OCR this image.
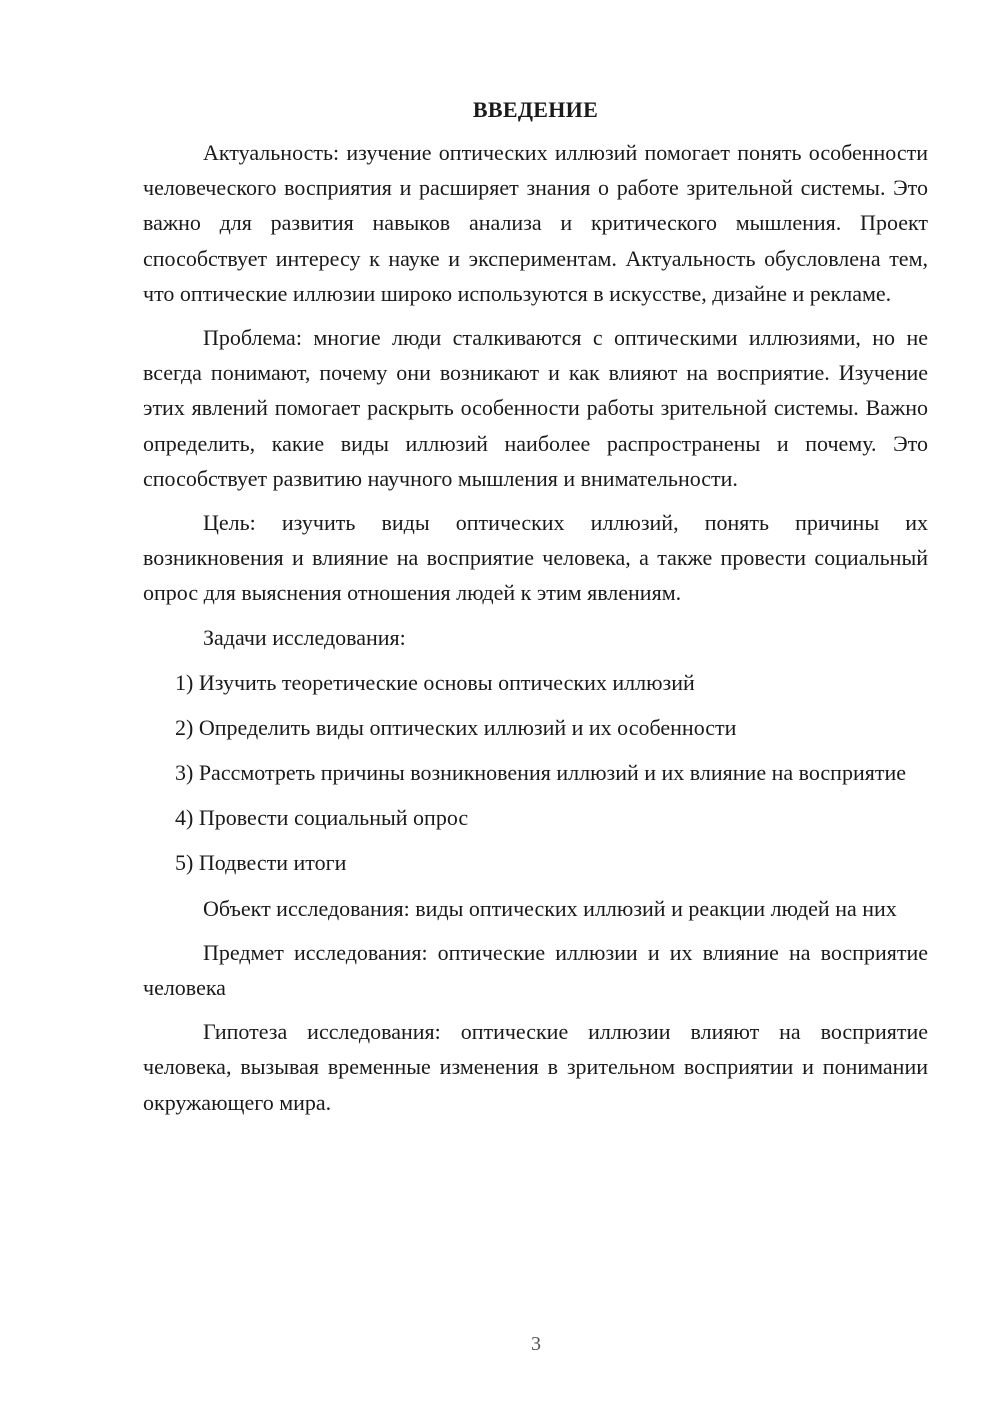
ВВЕДЕНИЕ

Актуальность: изучение оптических иллюзий помогает понять особенности человеческого восприятия и расширяет знания о работе зрительной системы. Это важно для развития навыков анализа и критического мышления. Проект способствует интересу к науке и экспериментам. Актуальность обусловлена тем, что оптические иллюзии широко используются в искусстве, дизайне и рекламе.

Проблема: многие люди сталкиваются с оптическими иллюзиями, но не всегда понимают, почему они возникают и как влияют на восприятие. Изучение этих явлений помогает раскрыть особенности работы зрительной системы. Важно определить, какие виды иллюзий наиболее распространены и почему. Это способствует развитию научного мышления и внимательности.

Цель: изучить виды оптических иллюзий, понять причины их возникновения и влияние на восприятие человека, а также провести социальный опрос для выяснения отношения людей к этим явлениям.

Задачи исследования:

1) Изучить теоретические основы оптических иллюзий

2) Определить виды оптических иллюзий и их особенности

3) Рассмотреть причины возникновения иллюзий и их влияние на восприятие

4) Провести социальный опрос

5) Подвести итоги

Объект исследования: виды оптических иллюзий и реакции людей на них

Предмет исследования: оптические иллюзии и их влияние на восприятие человека

Гипотеза исследования: оптические иллюзии влияют на восприятие человека, вызывая временные изменения в зрительном восприятии и понимании окружающего мира.

3
